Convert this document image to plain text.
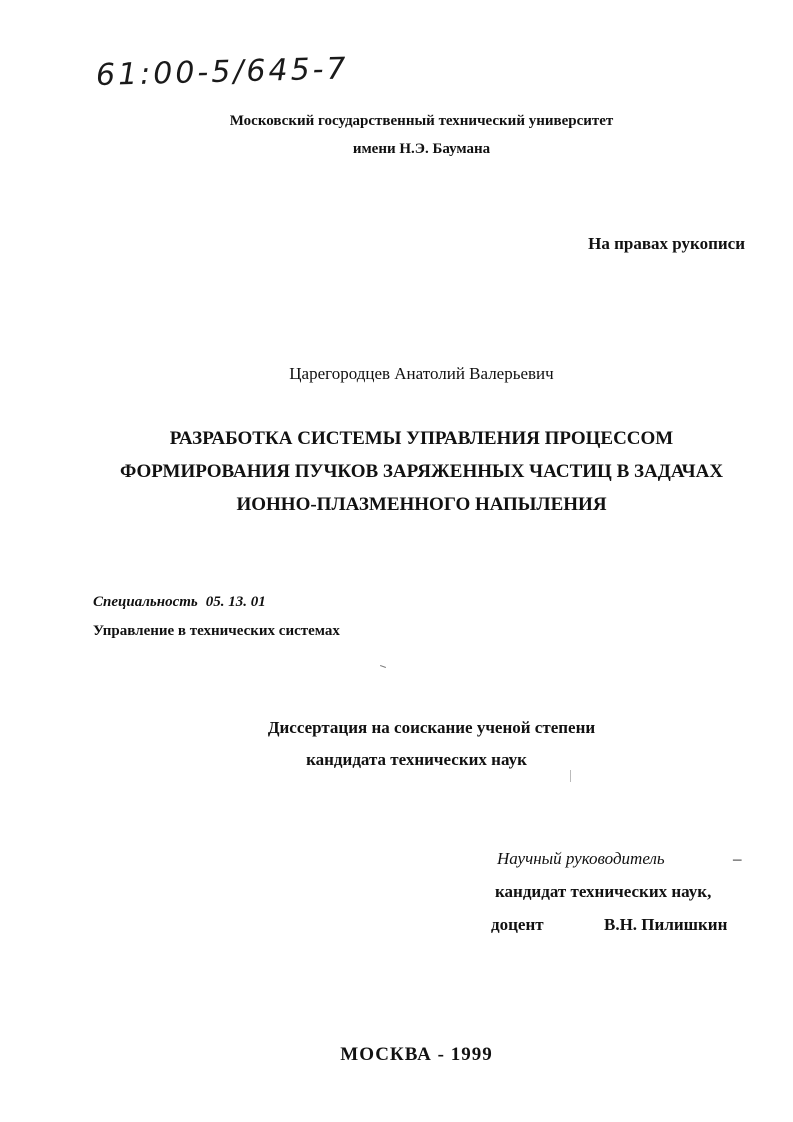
61:00-5/645-7
Московский государственный технический университет
имени Н.Э. Баумана
На правах рукописи
Царегородцев Анатолий Валерьевич
РАЗРАБОТКА СИСТЕМЫ УПРАВЛЕНИЯ ПРОЦЕССОМ
ФОРМИРОВАНИЯ ПУЧКОВ ЗАРЯЖЕННЫХ ЧАСТИЦ В ЗАДАЧАХ
ИОННО-ПЛАЗМЕННОГО НАПЫЛЕНИЯ
Специальность 05. 13. 01
Управление в технических системах
Диссертация на соискание ученой степени
кандидата технических наук
Научный руководитель	–
кандидат технических наук,
доцент	В.Н. Пилишкин
МОСКВА - 1999
